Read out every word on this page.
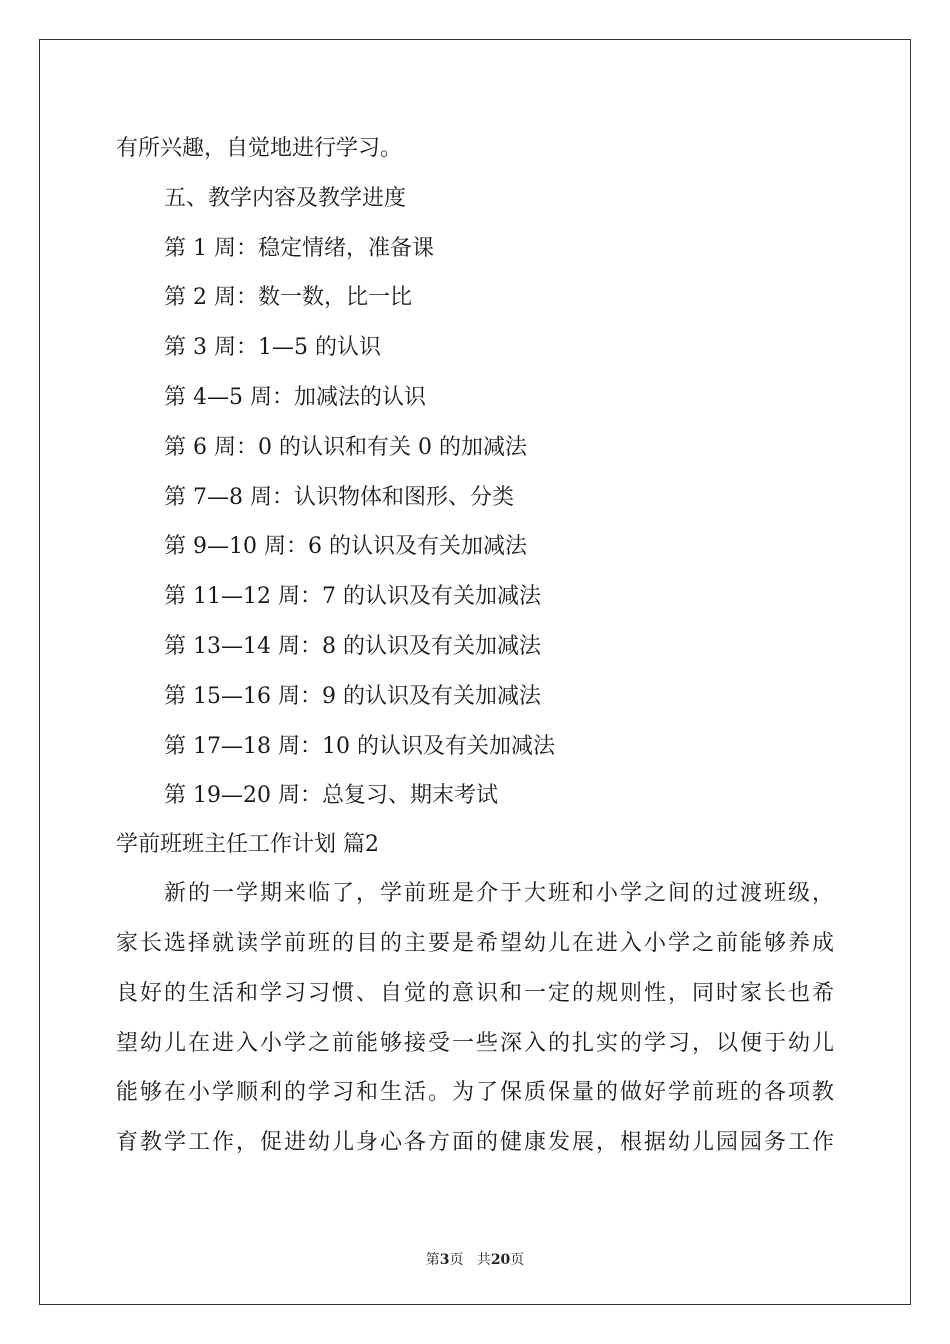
有所兴趣，自觉地进行学习。
五、教学内容及教学进度
第 1 周：稳定情绪，准备课
第 2 周：数一数，比一比
第 3 周：1—5 的认识
第 4—5 周：加减法的认识
第 6 周：0 的认识和有关 0 的加减法
第 7—8 周：认识物体和图形、分类
第 9—10 周：6 的认识及有关加减法
第 11—12 周：7 的认识及有关加减法
第 13—14 周：8 的认识及有关加减法
第 15—16 周：9 的认识及有关加减法
第 17—18 周：10 的认识及有关加减法
第 19—20 周：总复习、期末考试
学前班班主任工作计划 篇2
新的一学期来临了，学前班是介于大班和小学之间的过渡班级，
家长选择就读学前班的目的主要是希望幼儿在进入小学之前能够养成
良好的生活和学习习惯、自觉的意识和一定的规则性，同时家长也希
望幼儿在进入小学之前能够接受一些深入的扎实的学习，以便于幼儿
能够在小学顺利的学习和生活。为了保质保量的做好学前班的各项教
育教学工作，促进幼儿身心各方面的健康发展，根据幼儿园园务工作
第3页 共20页
